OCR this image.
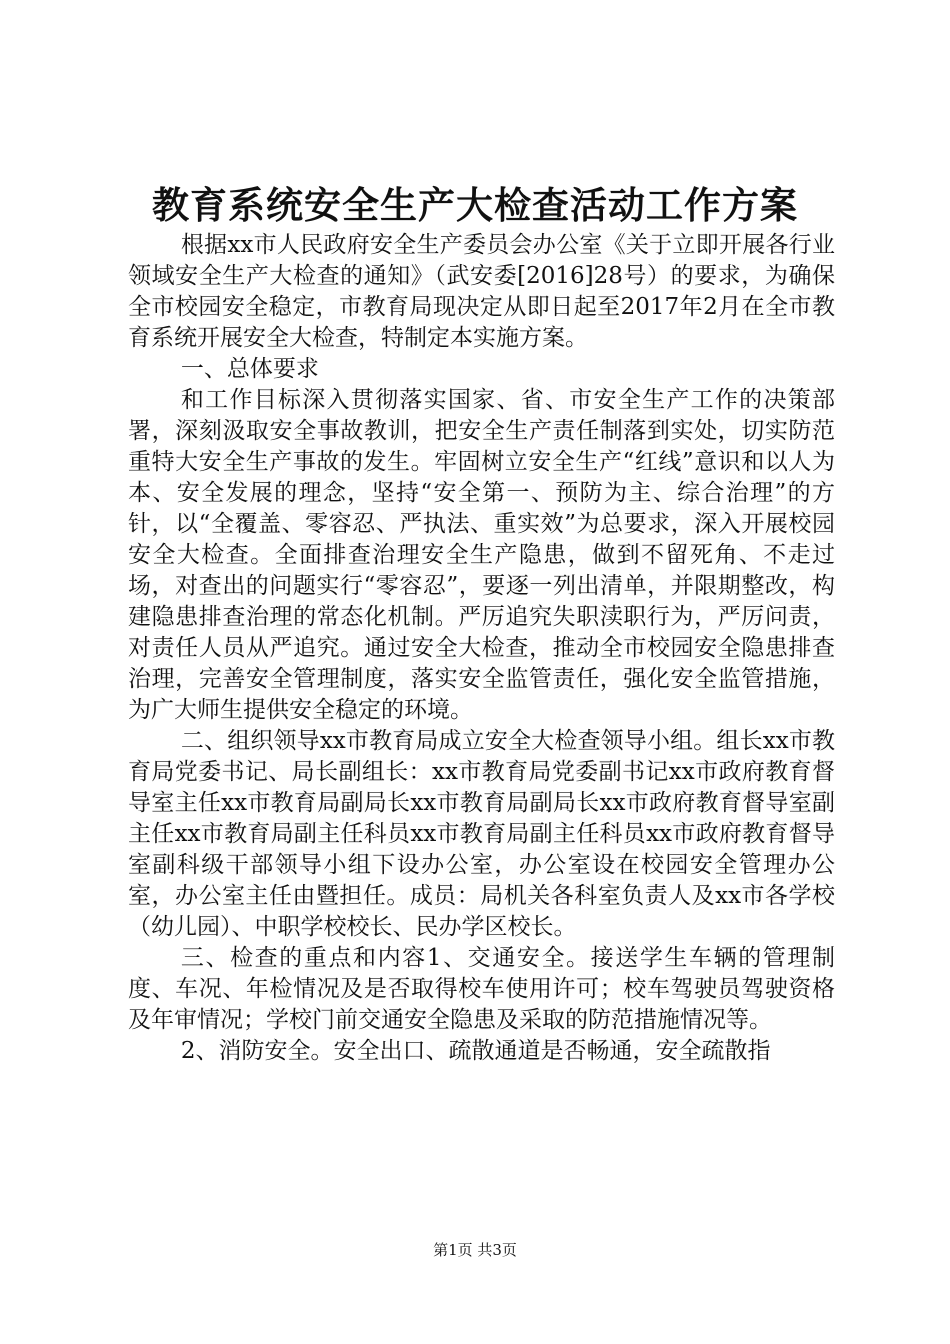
教育系统安全生产大检查活动工作方案

根据xx市人民政府安全生产委员会办公室《关于立即开展各行业领域安全生产大检查的通知》（武安委[2016]28号）的要求，为确保全市校园安全稳定，市教育局现决定从即日起至2017年2月在全市教育系统开展安全大检查，特制定本实施方案。

一、总体要求

和工作目标深入贯彻落实国家、省、市安全生产工作的决策部署，深刻汲取安全事故教训，把安全生产责任制落到实处，切实防范重特大安全生产事故的发生。牢固树立安全生产“红线”意识和以人为本、安全发展的理念，坚持“安全第一、预防为主、综合治理”的方针，以“全覆盖、零容忍、严执法、重实效”为总要求，深入开展校园安全大检查。全面排查治理安全生产隐患，做到不留死角、不走过场，对查出的问题实行“零容忍”，要逐一列出清单，并限期整改，构建隐患排查治理的常态化机制。严厉追究失职渎职行为，严厉问责，对责任人员从严追究。通过安全大检查，推动全市校园安全隐患排查治理，完善安全管理制度，落实安全监管责任，强化安全监管措施，为广大师生提供安全稳定的环境。

二、组织领导xx市教育局成立安全大检查领导小组。组长xx市教育局党委书记、局长副组长：xx市教育局党委副书记xx市政府教育督导室主任xx市教育局副局长xx市教育局副局长xx市政府教育督导室副主任xx市教育局副主任科员xx市教育局副主任科员xx市政府教育督导室副科级干部领导小组下设办公室，办公室设在校园安全管理办公室，办公室主任由暨担任。成员：局机关各科室负责人及xx市各学校（幼儿园）、中职学校校长、民办学区校长。

三、检查的重点和内容1、交通安全。接送学生车辆的管理制度、车况、年检情况及是否取得校车使用许可；校车驾驶员驾驶资格及年审情况；学校门前交通安全隐患及采取的防范措施情况等。

2、消防安全。安全出口、疏散通道是否畅通，安全疏散指

第1页 共3页
